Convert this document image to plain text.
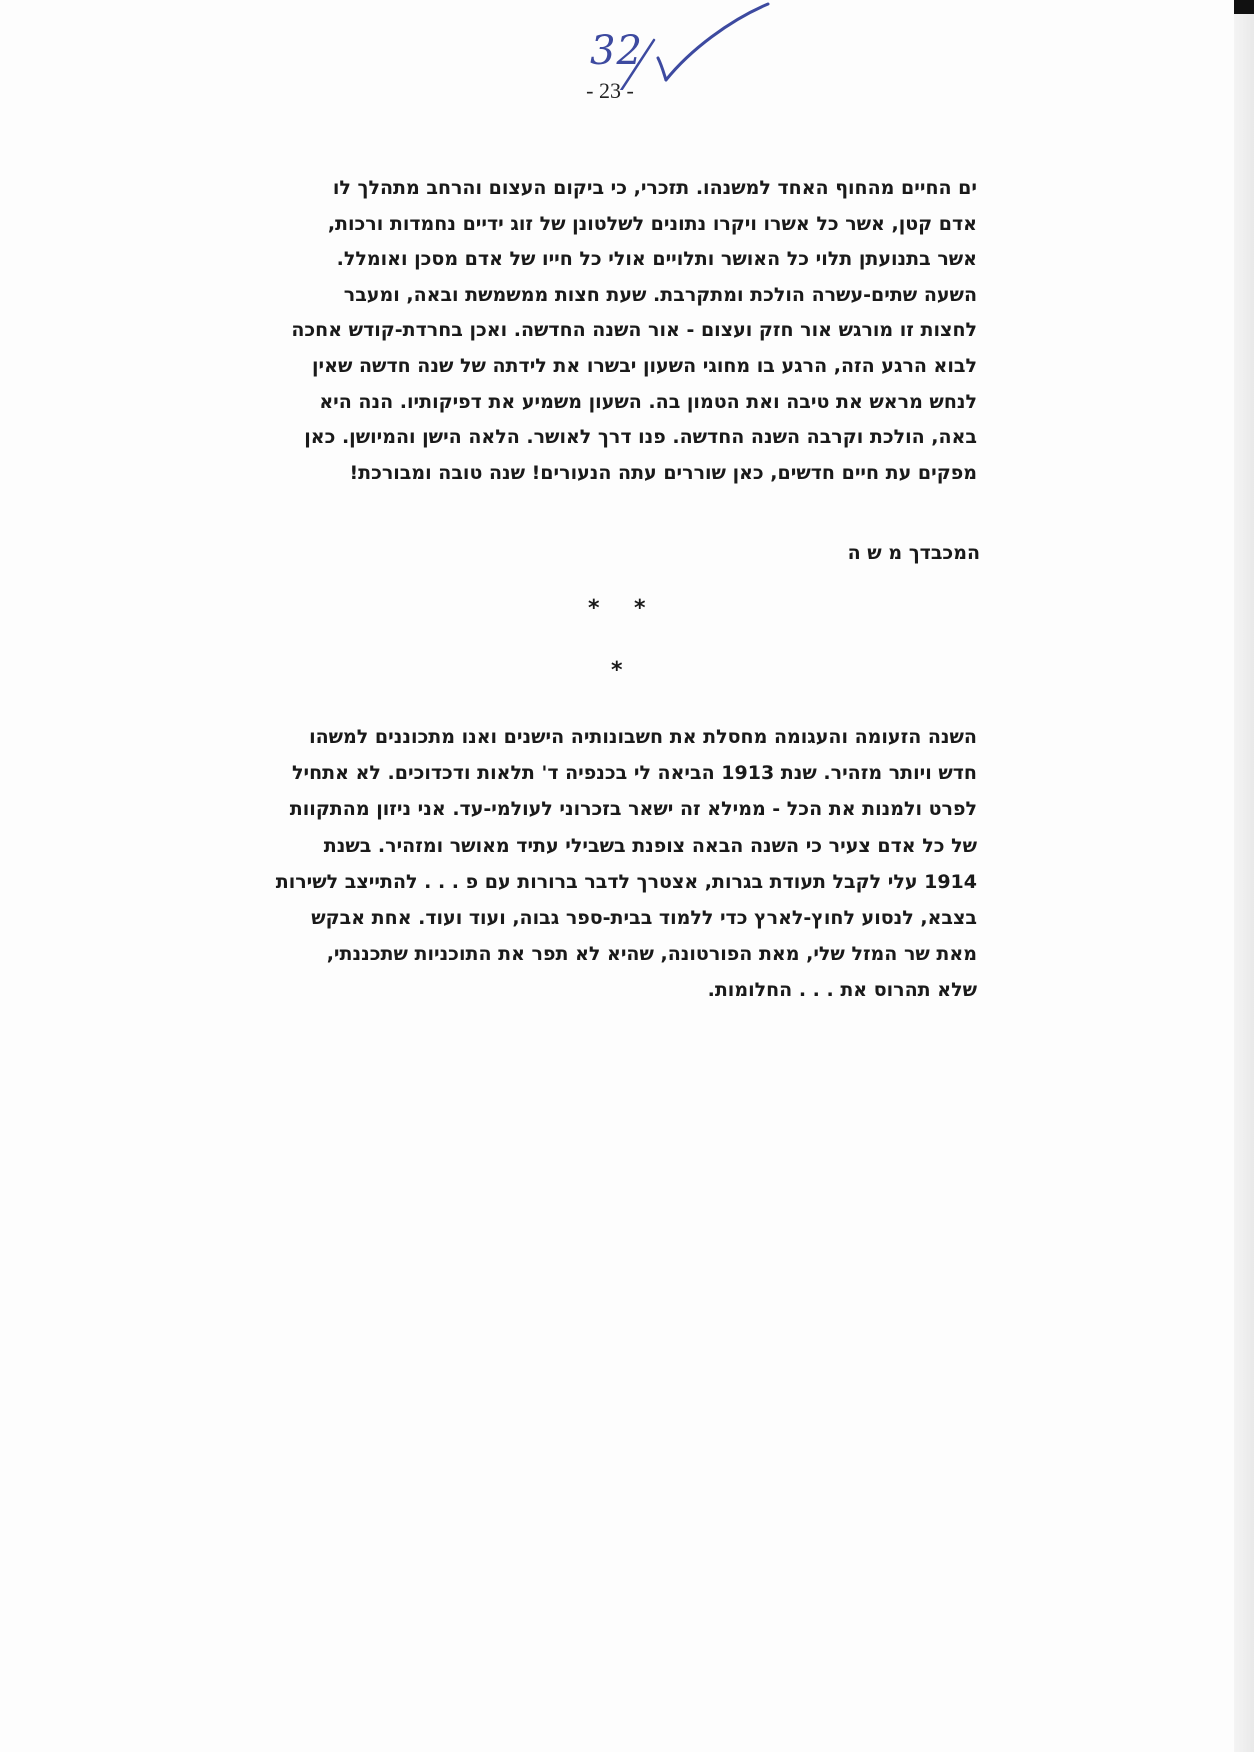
32
- 23 -
ים החיים מהחוף האחד למשנהו. תזכרי, כי ביקום העצום והרחב מתהלך לו
אדם קטן, אשר כל אשרו ויקרו נתונים לשלטונן של זוג ידיים נחמדות ורכות,
אשר בתנועתן תלוי כל האושר ותלויים אולי כל חייו של אדם מסכן ואומלל.
השעה שתים-עשרה הולכת ומתקרבת. שעת חצות ממשמשת ובאה, ומעבר
לחצות זו מורגש אור חזק ועצום - אור השנה החדשה. ואכן בחרדת-קודש אחכה
לבוא הרגע הזה, הרגע בו מחוגי השעון יבשרו את לידתה של שנה חדשה שאין
לנחש מראש את טיבה ואת הטמון בה. השעון משמיע את דפיקותיו. הנה היא
באה, הולכת וקרבה השנה החדשה. פנו דרך לאושר. הלאה הישן והמיושן. כאן
מפקים עת חיים חדשים, כאן שוררים עתה הנעורים! שנה טובה ומבורכת!
המכבדך מ ש ה
* *
*
השנה הזעומה והעגומה מחסלת את חשבונותיה הישנים ואנו מתכוננים למשהו
חדש ויותר מזהיר. שנת 1913 הביאה לי בכנפיה ד' תלאות ודכדוכים. לא אתחיל
לפרט ולמנות את הכל - ממילא זה ישאר בזכרוני לעולמי-עד. אני ניזון מהתקוות
של כל אדם צעיר כי השנה הבאה צופנת בשבילי עתיד מאושר ומזהיר. בשנת
1914 עלי לקבל תעודת בגרות, אצטרך לדבר ברורות עם פ . . . להתייצב לשירות
בצבא, לנסוע לחוץ-לארץ כדי ללמוד בבית-ספר גבוה, ועוד ועוד. אחת אבקש
מאת שר המזל שלי, מאת הפורטונה, שהיא לא תפר את התוכניות שתכננתי,
שלא תהרוס את . . . החלומות.
